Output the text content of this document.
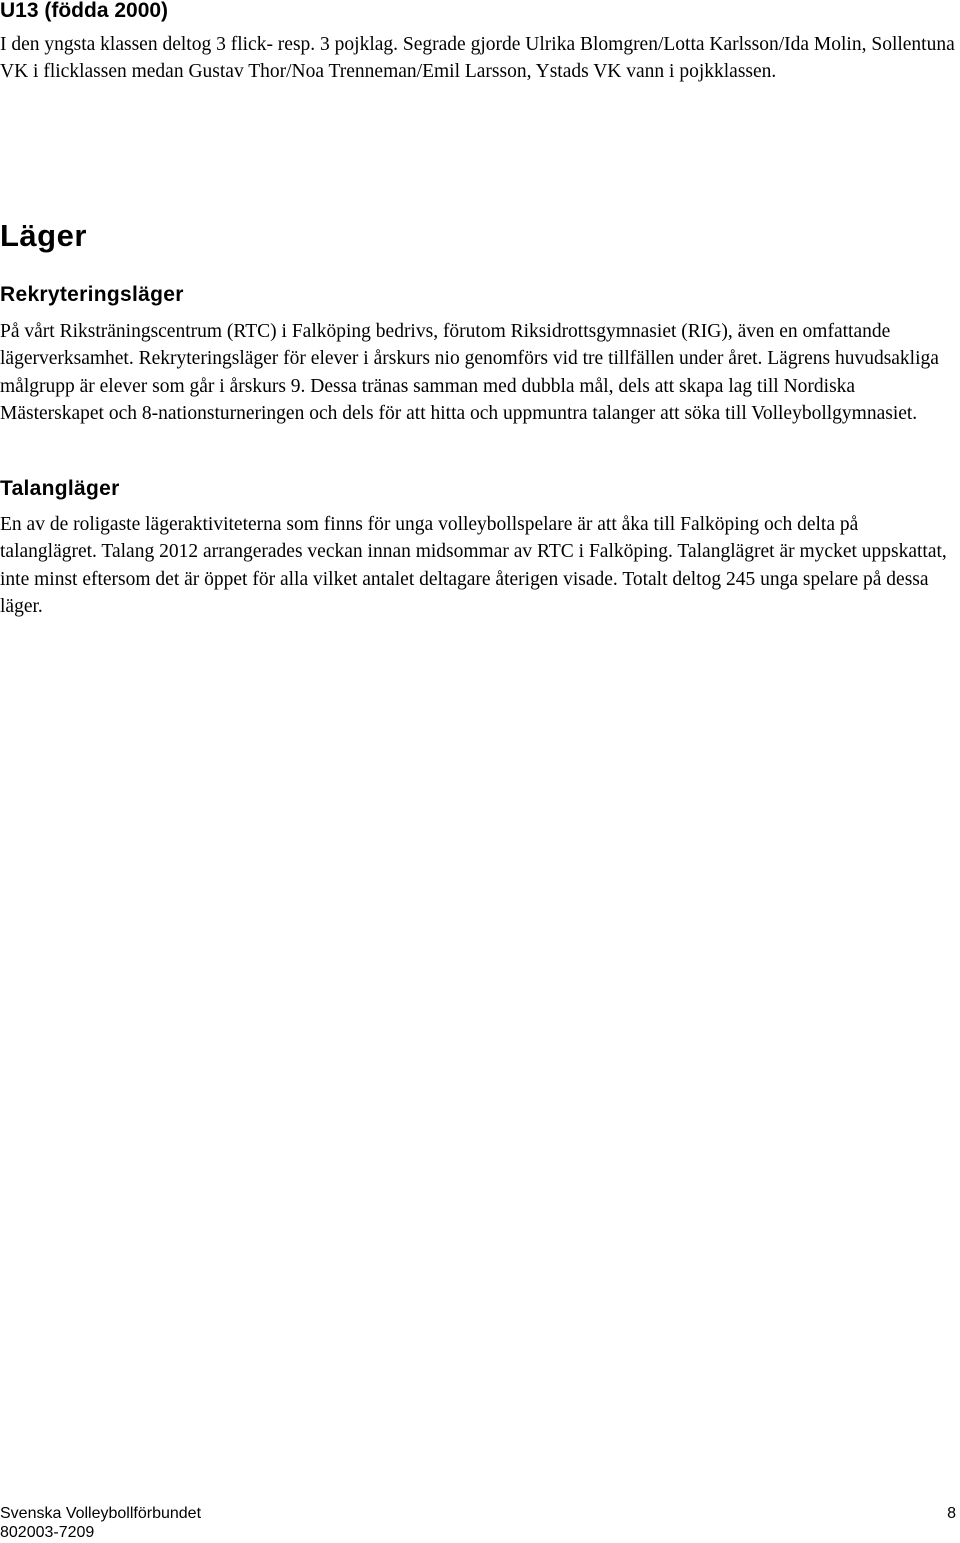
U13 (födda 2000)

I den yngsta klassen deltog 3 flick- resp. 3 pojklag. Segrade gjorde Ulrika Blomgren/Lotta Karlsson/Ida Molin, Sollentuna VK i flicklassen medan Gustav Thor/Noa Trenneman/Emil Larsson, Ystads VK vann i pojkklassen.

Läger
Rekryteringsläger

På vårt Riksträningscentrum (RTC) i Falköping bedrivs, förutom Riksidrottsgymnasiet (RIG), även en omfattande lägerverksamhet. Rekryteringsläger för elever i årskurs nio genomförs vid tre tillfällen under året. Lägrens huvudsakliga målgrupp är elever som går i årskurs 9. Dessa tränas samman med dubbla mål, dels att skapa lag till Nordiska Mästerskapet och 8-nationsturneringen och dels för att hitta och uppmuntra talanger att söka till Volleybollgymnasiet.

Talangläger

En av de roligaste lägeraktiviteterna som finns för unga volleybollspelare är att åka till Falköping och delta på talanglägret. Talang 2012 arrangerades veckan innan midsommar av RTC i Falköping. Talanglägret är mycket uppskattat, inte minst eftersom det är öppet för alla vilket antalet deltagare återigen visade. Totalt deltog 245 unga spelare på dessa läger.

Svenska Volleybollförbundet
802003-7209
8
